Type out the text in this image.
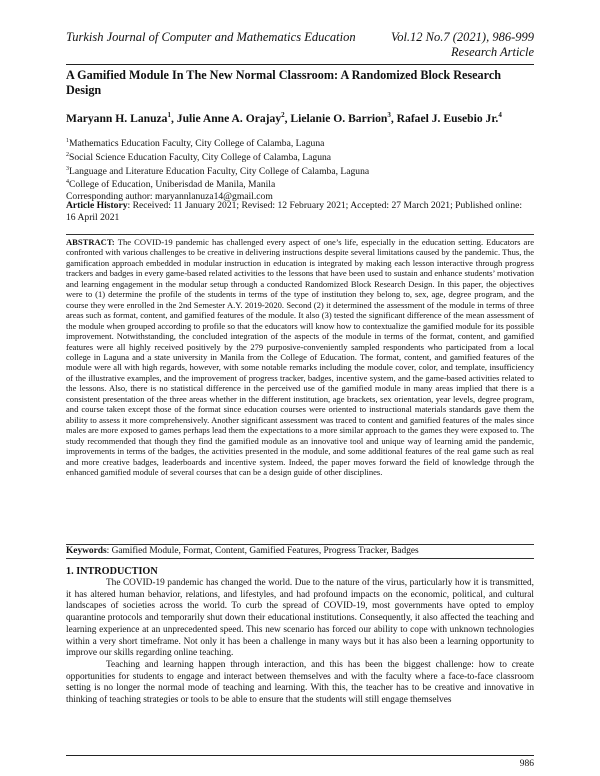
Turkish Journal of Computer and Mathematics Education	Vol.12 No.7 (2021), 986-999
Research Article
A Gamified Module In The New Normal Classroom: A Randomized Block Research Design
Maryann H. Lanuza$^1$, Julie Anne A. Orajay$^2$, Lielanie O. Barrion$^3$, Rafael J. Eusebio Jr.$^4$
$^1$Mathematics Education Faculty, City College of Calamba, Laguna
$^2$Social Science Education Faculty, City College of Calamba, Laguna
$^3$Language and Literature Education Faculty, City College of Calamba, Laguna
$^4$College of Education, Uniberisdad de Manila, Manila
Corresponding author: maryannlanuza14@gmail.com
Article History: Received: 11 January 2021; Revised: 12 February 2021; Accepted: 27 March 2021; Published online: 16 April 2021
ABSTRACT: The COVID-19 pandemic has challenged every aspect of one’s life, especially in the education setting. Educators are confronted with various challenges to be creative in delivering instructions despite several limitations caused by the pandemic. Thus, the gamification approach embedded in modular instruction in education is integrated by making each lesson interactive through progress trackers and badges in every game-based related activities to the lessons that have been used to sustain and enhance students’ motivation and learning engagement in the modular setup through a conducted Randomized Block Research Design. In this paper, the objectives were to (1) determine the profile of the students in terms of the type of institution they belong to, sex, age, degree program, and the course they were enrolled in the 2nd Semester A.Y. 2019-2020. Second (2) it determined the assessment of the module in terms of three areas such as format, content, and gamified features of the module. It also (3) tested the significant difference of the mean assessment of the module when grouped according to profile so that the educators will know how to contextualize the gamified module for its possible improvement. Notwithstanding, the concluded integration of the aspects of the module in terms of the format, content, and gamified features were all highly received positively by the 279 purposive-conveniently sampled respondents who participated from a local college in Laguna and a state university in Manila from the College of Education. The format, content, and gamified features of the module were all with high regards, however, with some notable remarks including the module cover, color, and template, insufficiency of the illustrative examples, and the improvement of progress tracker, badges, incentive system, and the game-based activities related to the lessons. Also, there is no statistical difference in the perceived use of the gamified module in many areas implied that there is a consistent presentation of the three areas whether in the different institution, age brackets, sex orientation, year levels, degree program, and course taken except those of the format since education courses were oriented to instructional materials standards gave them the ability to assess it more comprehensively. Another significant assessment was traced to content and gamified features of the males since males are more exposed to games perhaps lead them the expectations to a more similar approach to the games they were exposed to. The study recommended that though they find the gamified module as an innovative tool and unique way of learning amid the pandemic, improvements in terms of the badges, the activities presented in the module, and some additional features of the real game such as real and more creative badges, leaderboards and incentive system. Indeed, the paper moves forward the field of knowledge through the enhanced gamified module of several courses that can be a design guide of other disciplines.
Keywords: Gamified Module, Format, Content, Gamified Features, Progress Tracker, Badges
1. INTRODUCTION

The COVID-19 pandemic has changed the world. Due to the nature of the virus, particularly how it is transmitted, it has altered human behavior, relations, and lifestyles, and had profound impacts on the economic, political, and cultural landscapes of societies across the world. To curb the spread of COVID-19, most governments have opted to employ quarantine protocols and temporarily shut down their educational institutions. Consequently, it also affected the teaching and learning experience at an unprecedented speed. This new scenario has forced our ability to cope with unknown technologies within a very short timeframe. Not only it has been a challenge in many ways but it has also been a learning opportunity to improve our skills regarding online teaching.

Teaching and learning happen through interaction, and this has been the biggest challenge: how to create opportunities for students to engage and interact between themselves and with the faculty where a face-to-face classroom setting is no longer the normal mode of teaching and learning. With this, the teacher has to be creative and innovative in thinking of teaching strategies or tools to be able to ensure that the students will still engage themselves

986
